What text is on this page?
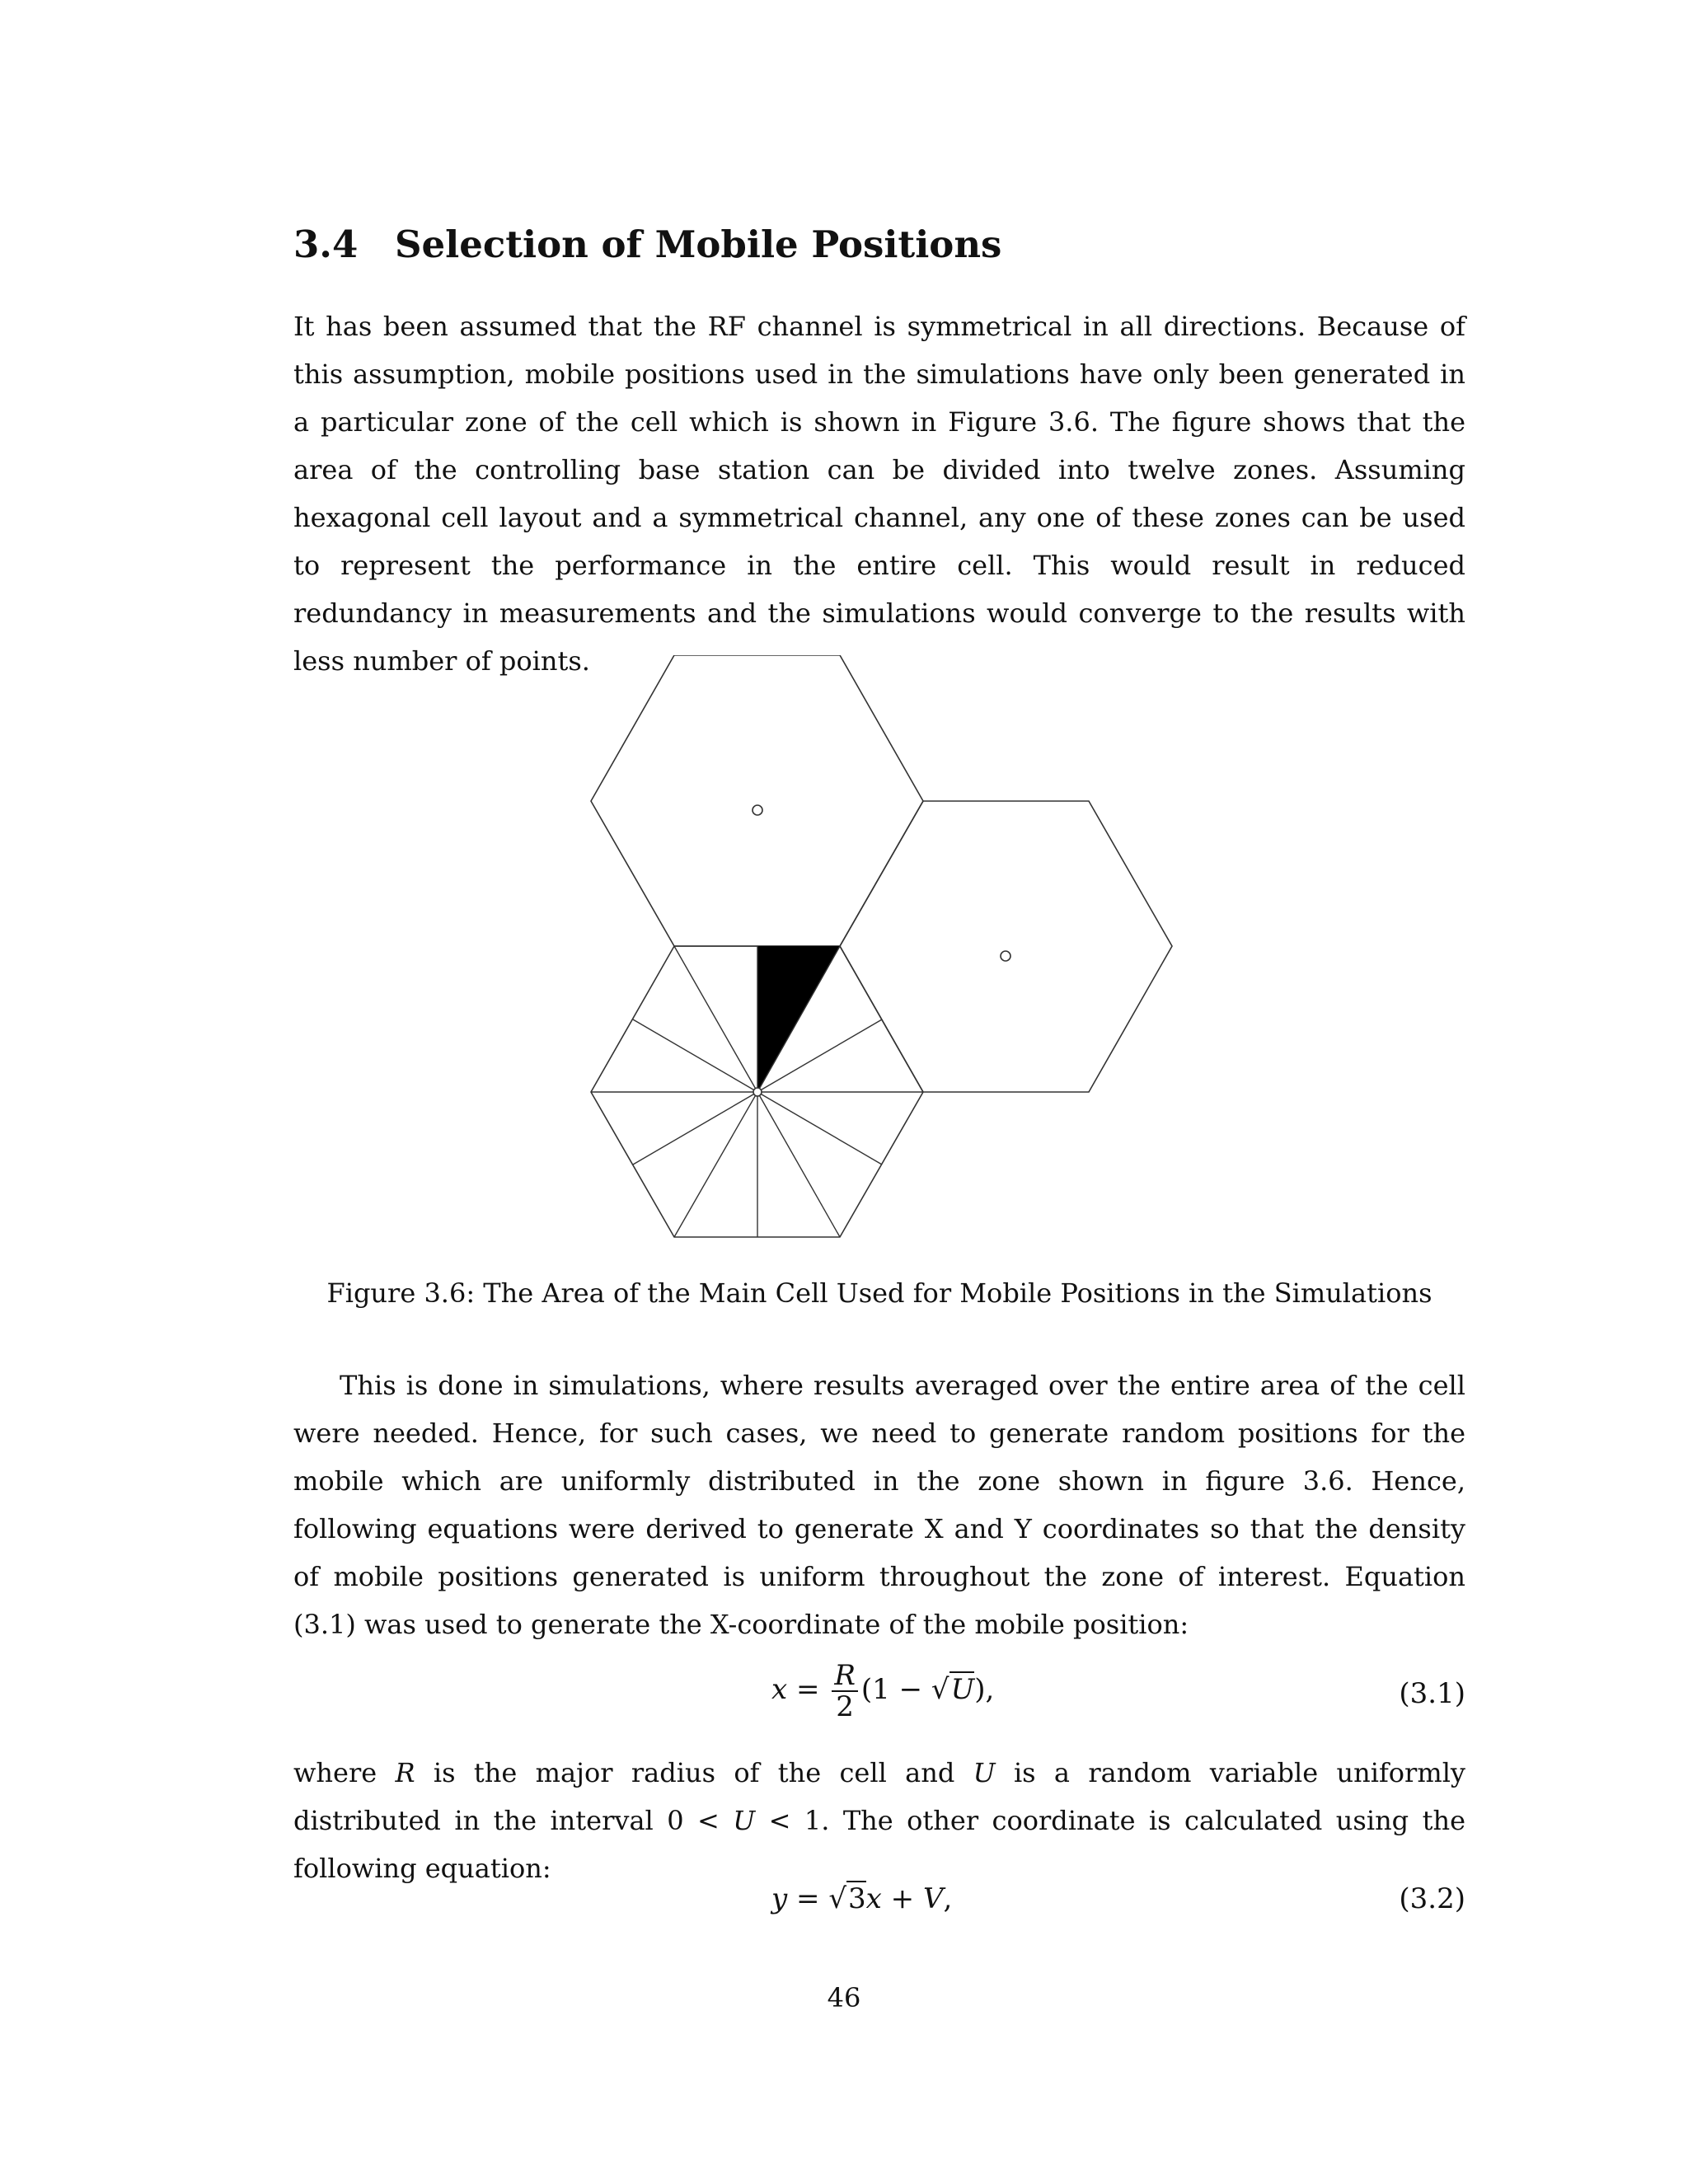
3.4 Selection of Mobile Positions

It has been assumed that the RF channel is symmetrical in all directions. Because of this assumption, mobile positions used in the simulations have only been generated in a particular zone of the cell which is shown in Figure 3.6. The figure shows that the area of the controlling base station can be divided into twelve zones. Assuming hexagonal cell layout and a symmetrical channel, any one of these zones can be used to represent the performance in the entire cell. This would result in reduced redundancy in measurements and the simulations would converge to the results with less number of points.

Figure 3.6: The Area of the Main Cell Used for Mobile Positions in the Simulations

This is done in simulations, where results averaged over the entire area of the cell were needed. Hence, for such cases, we need to generate random positions for the mobile which are uniformly distributed in the zone shown in figure 3.6. Hence, following equations were derived to generate X and Y coordinates so that the density of mobile positions generated is uniform throughout the zone of interest. Equation (3.1) was used to generate the X-coordinate of the mobile position:

$x = \frac{R}{2} (1 - √U)$,	(3.1)

where R is the major radius of the cell and U is a random variable uniformly distributed in the interval 0 < U < 1. The other coordinate is calculated using the following equation:

y = √3x + V,	(3.2)

46
